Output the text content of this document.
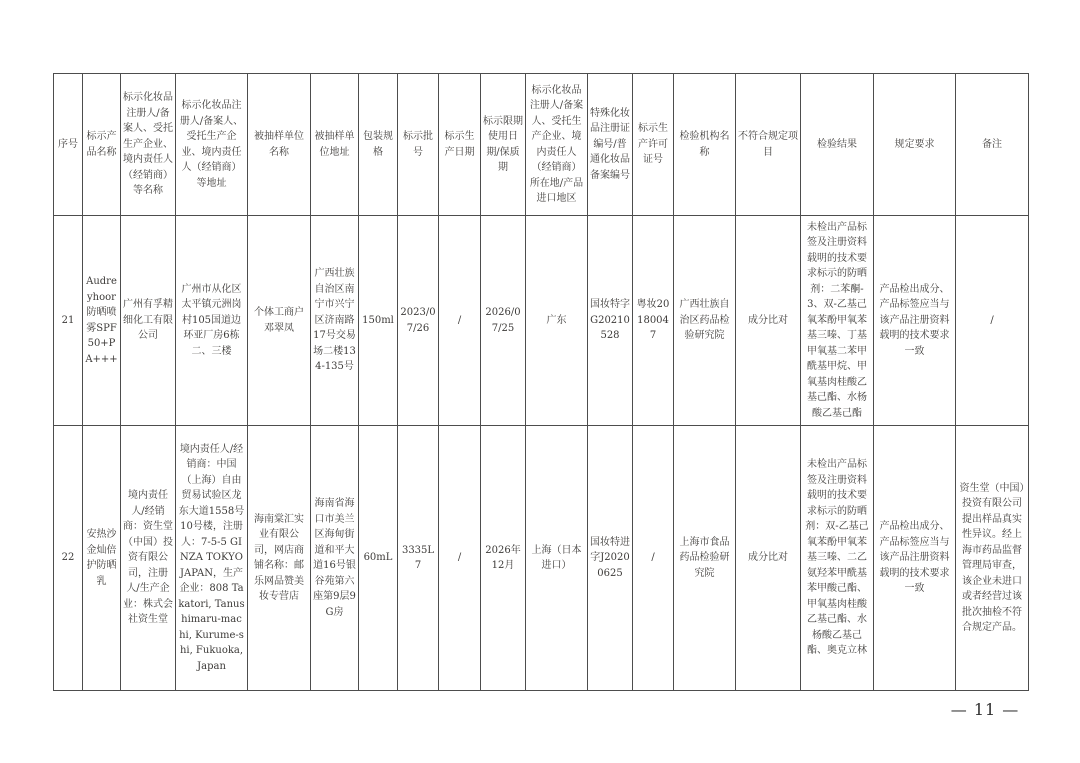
序号	标示产品名称	标示化妆品注册人/备案人、受托生产企业、境内责任人（经销商）等名称	标示化妆品注册人/备案人、受托生产企业、境内责任人（经销商）等地址	被抽样单位名称	被抽样单位地址	包装规格	标示批号	标示生产日期	标示限期使用日期/保质期	标示化妆品注册人/备案人、受托生产企业、境内责任人（经销商）所在地/产品进口地区	特殊化妆品注册证编号/普通化妆品备案编号	标示生产许可证号	检验机构名称	不符合规定项目	检验结果	规定要求	备注
21	Audreyhoor防晒喷雾SPF50+PA+++	广州有孚精细化工有限公司	广州市从化区太平镇元洲岗村105国道边环亚厂房6栋二、三楼	个体工商户邓翠凤	广西壮族自治区南宁市兴宁区济南路17号交易场二楼134-135号	150ml	2023/07/26	/	2026/07/25	广东	国妆特字G20210528	粤妆20180047	广西壮族自治区药品检验研究院	成分比对	未检出产品标签及注册资料载明的技术要求标示的防晒剂：二苯酮-3、双-乙基己氧苯酚甲氧苯基三嗪、丁基甲氧基二苯甲酰基甲烷、甲氧基肉桂酸乙基己酯、水杨酸乙基己酯	产品检出成分、产品标签应当与该产品注册资料载明的技术要求一致	/
22	安热沙金灿倍护防晒乳	境内责任人/经销商：资生堂（中国）投资有限公司，注册人/生产企业：株式会社资生堂	境内责任人/经销商：中国（上海）自由贸易试验区龙东大道1558号10号楼，注册人：7-5-5 GINZA TOKYO JAPAN，生产企业：808 Takatori, Tanushimaru-machi, Kurume-shi, Fukuoka, Japan	海南棠汇实业有限公司，网店商铺名称：邮乐网品赞美妆专营店	海南省海口市美兰区海甸街道和平大道16号银谷苑第六座第9层9G房	60mL	3335L7	/	2026年12月	上海（日本进口）	国妆特进字J20200625	/	上海市食品药品检验研究院	成分比对	未检出产品标签及注册资料载明的技术要求标示的防晒剂：双-乙基己氧苯酚甲氧苯基三嗪、二乙氨羟苯甲酰基苯甲酸己酯、甲氧基肉桂酸乙基己酯、水杨酸乙基己酯、奥克立林	产品检出成分、产品标签应当与该产品注册资料载明的技术要求一致	资生堂（中国）投资有限公司提出样品真实性异议。经上海市药品监督管理局审查，该企业未进口或者经营过该批次抽检不符合规定产品。
— 11 —
